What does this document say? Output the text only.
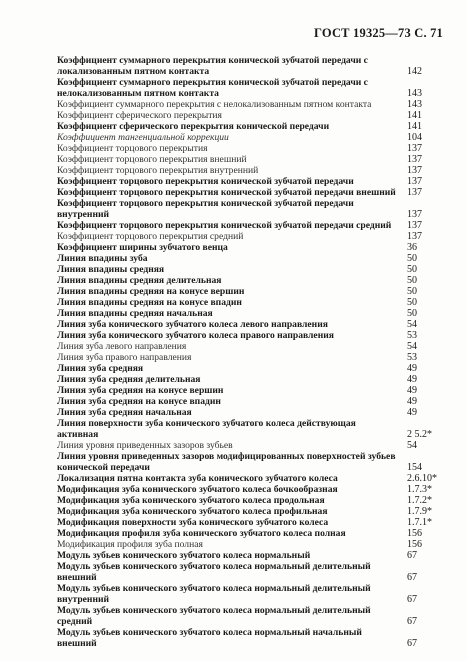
ГОСТ 19325—73 С. 71
Коэффициент суммарного перекрытия конической зубчатой передачи с локализованным пятном контакта	142
Коэффициент суммарного перекрытия конической зубчатой передачи с нелокализованным пятном контакта	143
Коэффициент суммарного перекрытия с нелокализованным пятном контакта	143
Коэффициент сферического перекрытия	141
Коэффициент сферического перекрытия конической передачи	141
Коэффициент тангенциальной коррекции	104
Коэффициент торцового перекрытия	137
Коэффициент торцового перекрытия внешний	137
Коэффициент торцового перекрытия внутренний	137
Коэффициент торцового перекрытия конической зубчатой передачи	137
Коэффициент торцового перекрытия конической зубчатой передачи внешний	137
Коэффициент торцового перекрытия конической зубчатой передачи внутренний	137
Коэффициент торцового перекрытия конической зубчатой передачи средний	137
Коэффициент торцового перекрытия средний	137
Коэффициент ширины зубчатого венца	36
Линия впадины зуба	50
Линия впадины средняя	50
Линия впадины средняя делительная	50
Линия впадины средняя на конусе вершин	50
Линия впадины средняя на конусе впадин	50
Линия впадины средняя начальная	50
Линия зуба конического зубчатого колеса левого направления	54
Линия зуба конического зубчатого колеса правого направления	53
Линия зуба левого направления	54
Линия зуба правого направления	53
Линия зуба средняя	49
Линия зуба средняя делительная	49
Линия зуба средняя на конусе вершин	49
Линия зуба средняя на конусе впадин	49
Линия зуба средняя начальная	49
Линия поверхности зуба конического зубчатого колеса действующая активная	2 5.2*
Линия уровня приведенных зазоров зубьев	54
Линия уровня приведенных зазоров модифицированных поверхностей зубьев конической передачи	154
Локализация пятна контакта зуба конического зубчатого колеса	2.6.10*
Модификация зуба конического зубчатого колеса бочкообразная	1.7.3*
Модификация зуба конического зубчатого колеса продольная	1.7.2*
Модификация зуба конического зубчатого колеса профильная	1.7.9*
Модификация поверхности зуба конического зубчатого колеса	1.7.1*
Модификация профиля зуба конического зубчатого колеса полная	156
Модификация профиля зуба полная	156
Модуль зубьев конического зубчатого колеса нормальный	67
Модуль зубьев конического зубчатого колеса нормальный делительный внешний	67
Модуль зубьев конического зубчатого колеса нормальный делительный внутренний	67
Модуль зубьев конического зубчатого колеса нормальный делительный средний	67
Модуль зубьев конического зубчатого колеса нормальный начальный внешний	67
